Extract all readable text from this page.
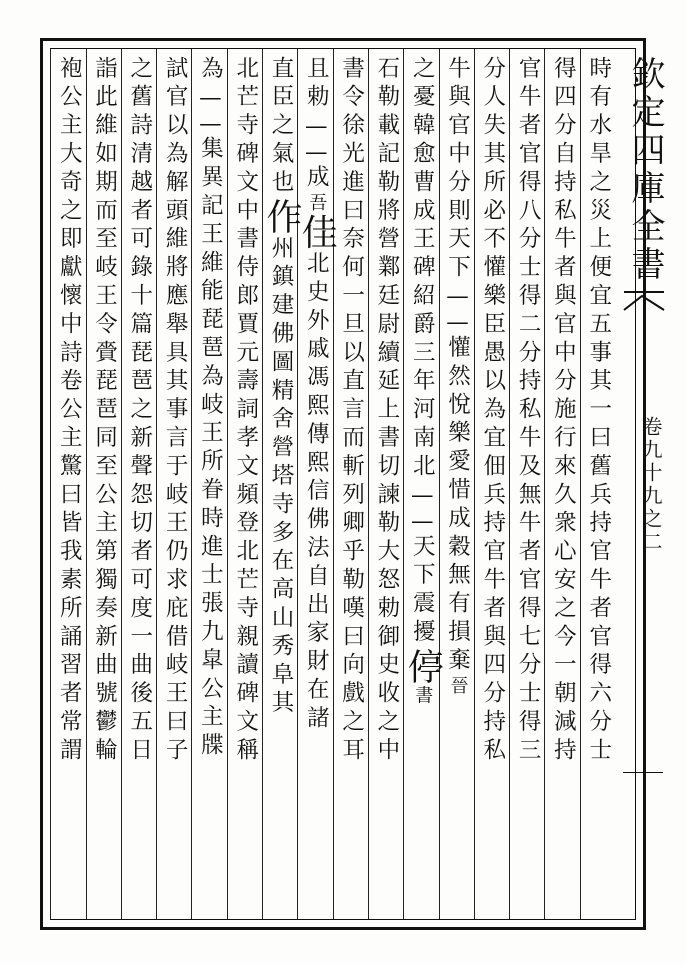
欽定四庫全書
卷九十九之二
時有水旱之災上便宜五事其一曰舊兵持官牛者官得六分士
得四分自持私牛者與官中分施行來久衆心安之今一朝減持
官牛者官得八分士得二分持私牛及無牛者官得七分士得三
分人失其所必不懽樂臣愚以為宜佃兵持官牛者與四分持私
牛與官中分則天下——懽然悅樂愛惜成穀無有損棄晉
之憂韓愈曹成王碑紹爵三年河南北——天下震擾停書
石勒載記勒將營鄴廷尉續延上書切諫勒大怒勅御史收之中
書令徐光進曰奈何一旦以直言而斬列卿乎勒嘆曰向戲之耳
且勅——成吾佳北史外戚馮熙傳熙信佛法自出家財在諸
直臣之氣也作州鎮建佛圖精舍營塔寺多在高山秀阜其
北芒寺碑文中書侍郎賈元壽詞孝文頻登北芒寺親讀碑文稱
為——集異記王維能琵琶為岐王所眷時進士張九皐公主牒
試官以為解頭維將應舉具其事言于岐王仍求庇借岐王曰子
之舊詩清越者可錄十篇琵琶之新聲怨切者可度一曲後五日
詣此維如期而至岐王令賫琵琶同至公主第獨奏新曲號鬱輪
袍公主大奇之即獻懷中詩卷公主驚曰皆我素所誦習者常謂
